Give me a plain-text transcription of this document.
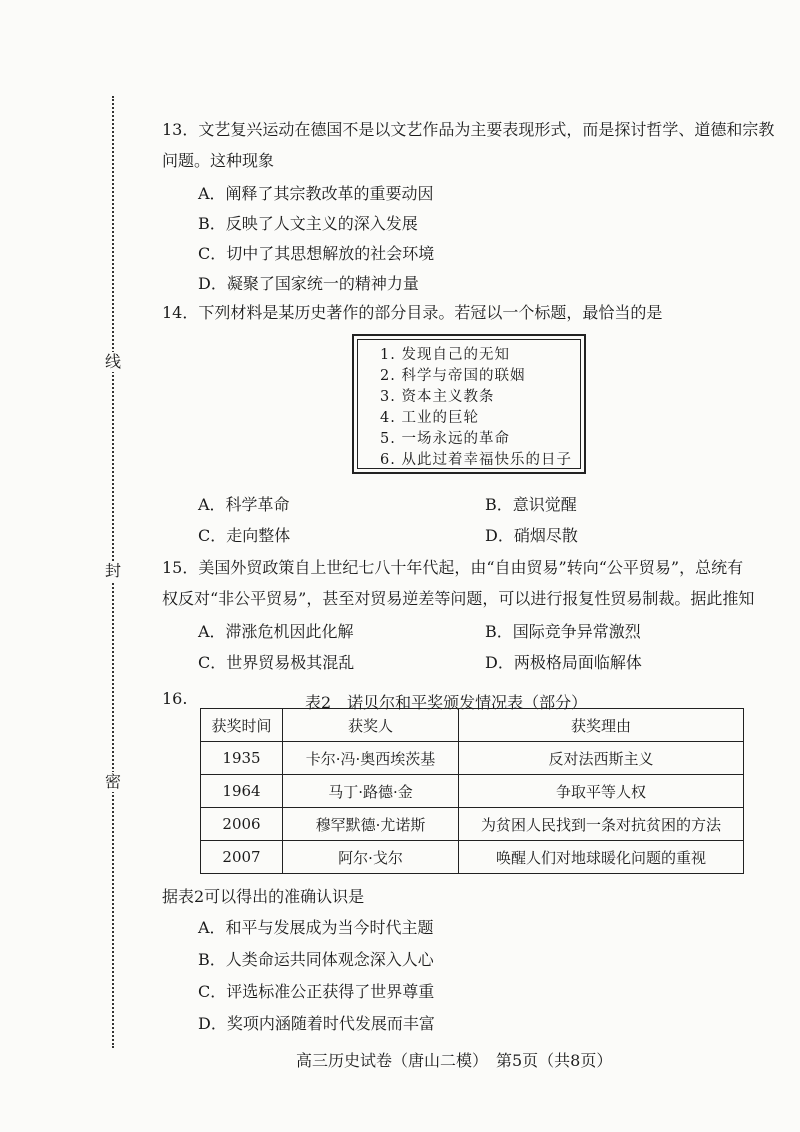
线
封
密
13．文艺复兴运动在德国不是以文艺作品为主要表现形式，而是探讨哲学、道德和宗教
问题。这种现象
A．阐释了其宗教改革的重要动因
B．反映了人文主义的深入发展
C．切中了其思想解放的社会环境
D．凝聚了国家统一的精神力量
14．下列材料是某历史著作的部分目录。若冠以一个标题，最恰当的是
1. 发现自己的无知
2. 科学与帝国的联姻
3. 资本主义教条
4. 工业的巨轮
5. 一场永远的革命
6. 从此过着幸福快乐的日子
A．科学革命	B．意识觉醒
C．走向整体	D．硝烟尽散
15．美国外贸政策自上世纪七八十年代起，由“自由贸易”转向“公平贸易”，总统有
权反对“非公平贸易”，甚至对贸易逆差等问题，可以进行报复性贸易制裁。据此推知
A．滞涨危机因此化解	B．国际竞争异常激烈
C．世界贸易极其混乱	D．两极格局面临解体
16.	表2　诺贝尔和平奖颁发情况表（部分）
获奖时间	获奖人	获奖理由
1935	卡尔·冯·奥西埃茨基	反对法西斯主义
1964	马丁·路德·金	争取平等人权
2006	穆罕默德·尤诺斯	为贫困人民找到一条对抗贫困的方法
2007	阿尔·戈尔	唤醒人们对地球暖化问题的重视
据表2可以得出的准确认识是
A．和平与发展成为当今时代主题
B．人类命运共同体观念深入人心
C．评选标准公正获得了世界尊重
D．奖项内涵随着时代发展而丰富
高三历史试卷（唐山二模）　第5页（共8页）
